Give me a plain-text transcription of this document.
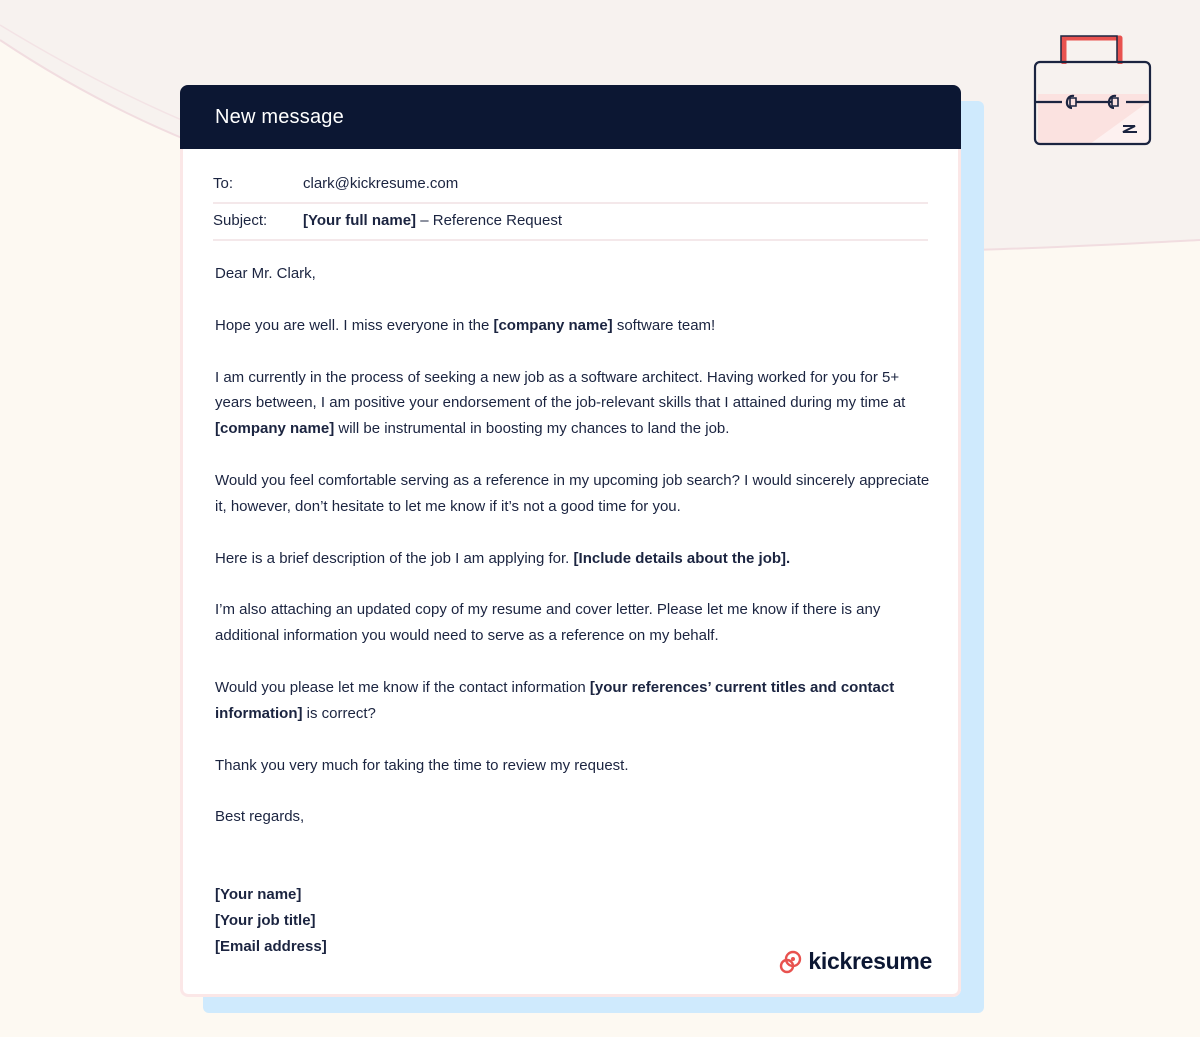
New message
To:	clark@kickresume.com
Subject:	[Your full name] – Reference Request

Dear Mr. Clark,

Hope you are well. I miss everyone in the [company name] software team!

I am currently in the process of seeking a new job as a software architect. Having worked for you for 5+ years between, I am positive your endorsement of the job-relevant skills that I attained during my time at [company name] will be instrumental in boosting my chances to land the job.

Would you feel comfortable serving as a reference in my upcoming job search? I would sincerely appreciate it, however, don’t hesitate to let me know if it’s not a good time for you.

Here is a brief description of the job I am applying for. [Include details about the job].

I’m also attaching an updated copy of my resume and cover letter. Please let me know if there is any additional information you would need to serve as a reference on my behalf.

Would you please let me know if the contact information [your references’ current titles and contact information] is correct?

Thank you very much for taking the time to review my request.

Best regards,

[Your name]
[Your job title]
[Email address]
kickresume
